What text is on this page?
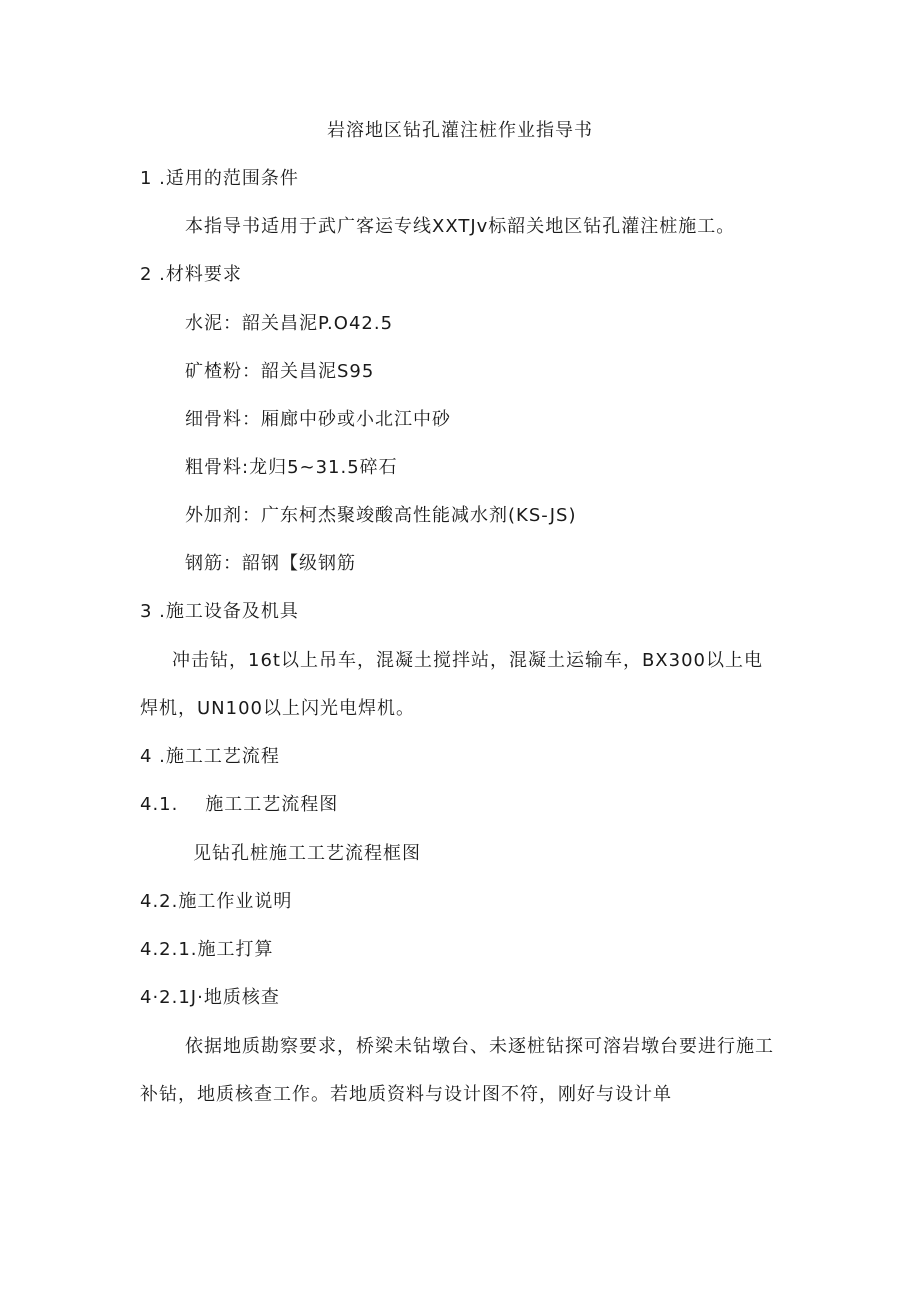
岩溶地区钻孔灌注桩作业指导书
1 .适用的范围条件
本指导书适用于武广客运专线XXTJv标韶关地区钻孔灌注桩施工。
2 .材料要求
水泥：韶关昌泥P.O42.5
矿楂粉：韶关昌泥S95
细骨料：厢廊中砂或小北江中砂
粗骨料:龙归5~31.5碎石
外加剂：广东柯杰聚竣酸高性能减水剂(KS-JS)
钢筋：韶钢【级钢筋
3 .施工设备及机具
冲击钻，16t以上吊车，混凝土搅拌站，混凝土运输车，BX300以上电
焊机，UN100以上闪光电焊机。
4 .施工工艺流程
4.1.    施工工艺流程图
见钻孔桩施工工艺流程框图
4.2.施工作业说明
4.2.1.施工打算
4·2.1J·地质核查
依据地质勘察要求，桥梁未钻墩台、未逐桩钻探可溶岩墩台要进行施工
补钻，地质核查工作。若地质资料与设计图不符，刚好与设计单
